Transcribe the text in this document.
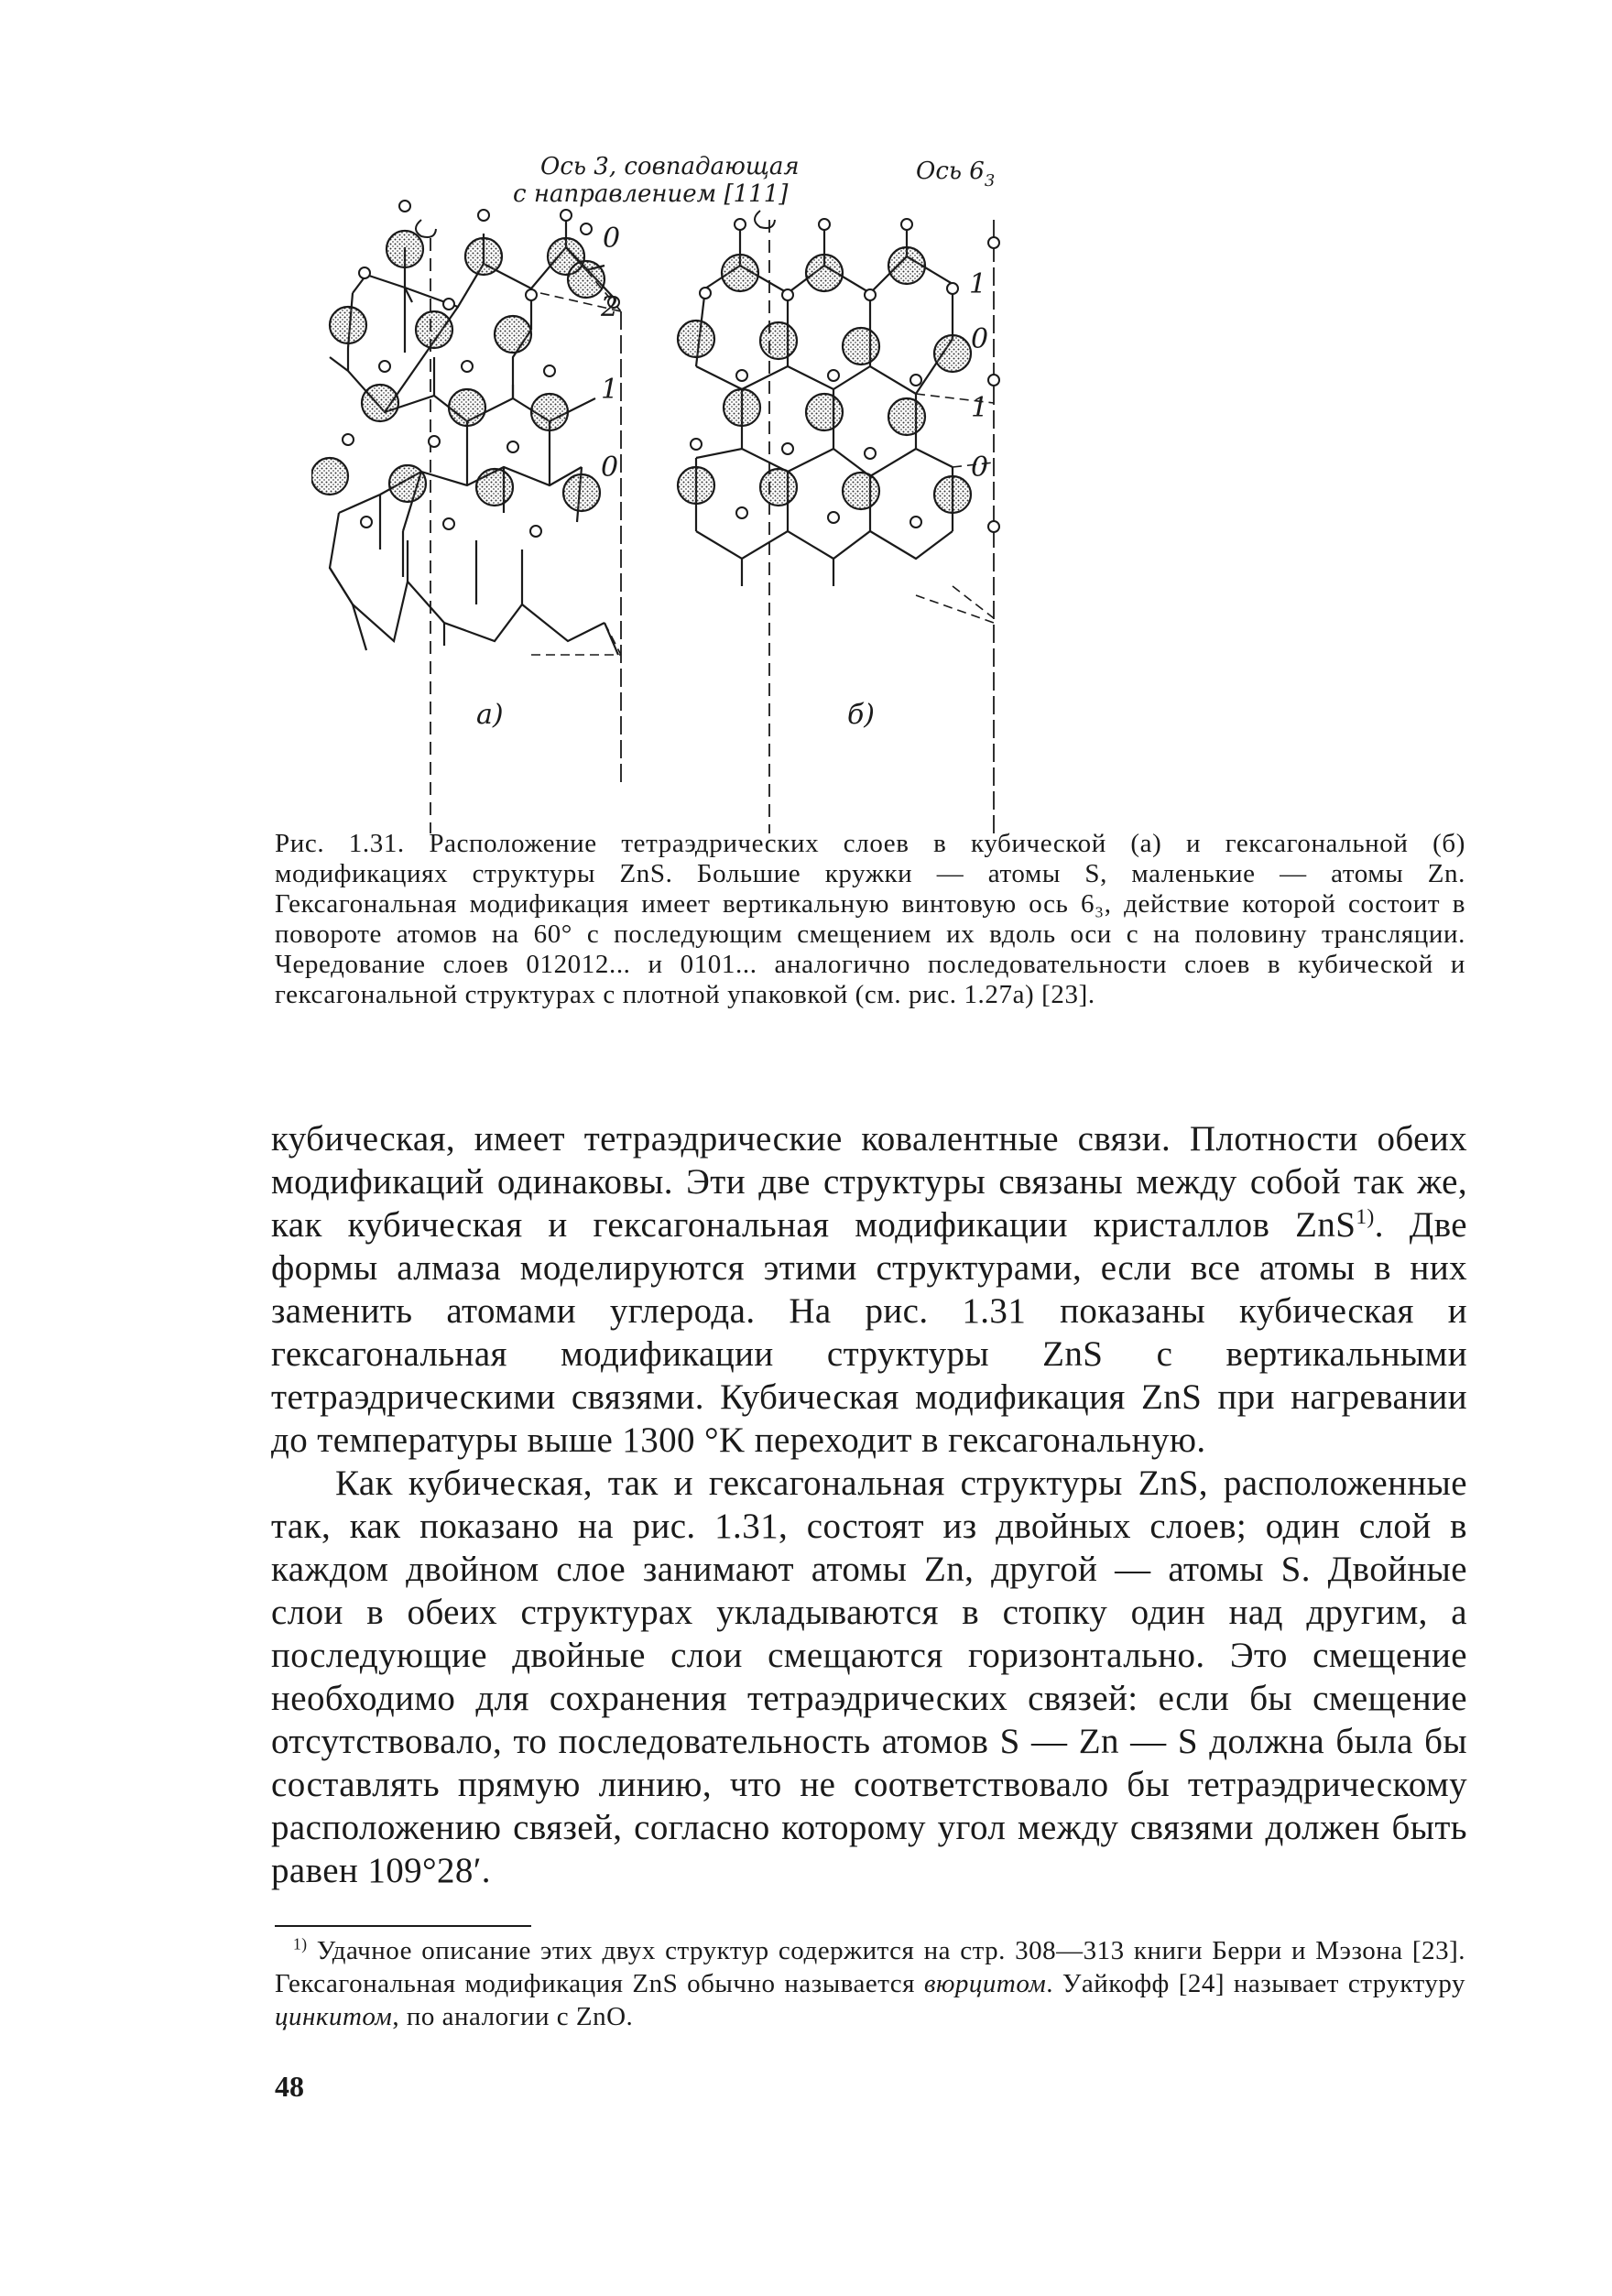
Ось 3, совпадающая
с направлением [111]
Ось $6_3$
0
2
1
0
1
0
1
0
а)	б)
Рис. 1.31. Расположение тетраэдрических слоев в кубической (а) и гексагональной (б) модификациях структуры ZnS. Большие кружки — атомы S, маленькие — атомы Zn. Гексагональная модификация имеет вертикальную винтовую ось 6₃, действие которой состоит в повороте атомов на 60° с последующим смещением их вдоль оси c на половину трансляции. Чередование слоев 012012... и 0101... аналогично последовательности слоев в кубической и гексагональной структурах с плотной упаковкой (см. рис. 1.27а) [23].
кубическая, имеет тетраэдрические ковалентные связи. Плотности обеих модификаций одинаковы. Эти две структуры связаны между собой так же, как кубическая и гексагональная модификации кристаллов ZnS$^{1)}$. Две формы алмаза моделируются этими структурами, если все атомы в них заменить атомами углерода. На рис. 1.31 показаны кубическая и гексагональная модификации структуры ZnS с вертикальными тетраэдрическими связями. Кубическая модификация ZnS при нагревании до температуры выше 1300 °K переходит в гексагональную.
Как кубическая, так и гексагональная структуры ZnS, расположенные так, как показано на рис. 1.31, состоят из двойных слоев; один слой в каждом двойном слое занимают атомы Zn, другой — атомы S. Двойные слои в обеих структурах укладываются в стопку один над другим, а последующие двойные слои смещаются горизонтально. Это смещение необходимо для сохранения тетраэдрических связей: если бы смещение отсутствовало, то последовательность атомов S — Zn — S должна была бы составлять прямую линию, что не соответствовало бы тетраэдрическому расположению связей, согласно которому угол между связями должен быть равен 109°28′.
$^{1)}$ Удачное описание этих двух структур содержится на стр. 308—313 книги Берри и Мэзона [23]. Гексагональная модификация ZnS обычно называется вюрцитом. Уайкофф [24] называет структуру цинкитом, по аналогии с ZnO.
48
